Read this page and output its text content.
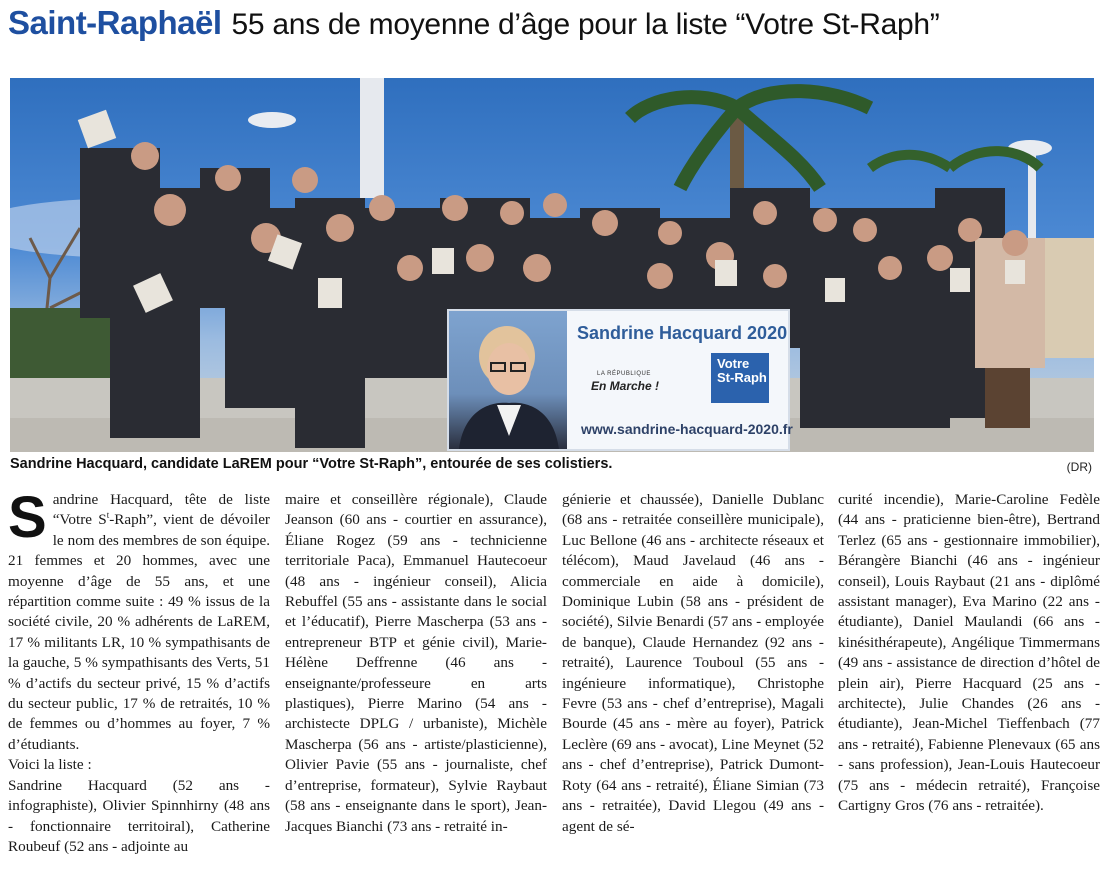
Saint-Raphaël 55 ans de moyenne d’âge pour la liste “Votre St-Raph”
Sandrine Hacquard 2020
LA RÉPUBLIQUE
En Marche !
Votre
St-Raph
www.sandrine-hacquard-2020.fr
Sandrine Hacquard, candidate LaREM pour “Votre St-Raph”, entourée de ses colistiers.	(DR)

Sandrine Hacquard, tête de liste “Votre $S^t$-Raph”, vient de dévoiler le nom des membres de son équipe. 21 femmes et 20 hommes, avec une moyenne d’âge de 55 ans, et une répartition comme suite : 49 % issus de la société civile, 20 % adhérents de LaREM, 17 % militants LR, 10 % sympathisants de la gauche, 5 % sympathisants des Verts, 51 % d’actifs du secteur privé, 15 % d’actifs du secteur public, 17 % de retraités, 10 % de femmes ou d’hommes au foyer, 7 % d’étudiants.

Voici la liste :

Sandrine Hacquard (52 ans - infographiste), Olivier Spinnhirny (48 ans - fonctionnaire territoiral), Catherine Roubeuf (52 ans - adjointe au

maire et conseillère régionale), Claude Jeanson (60 ans - courtier en assurance), Éliane Rogez (59 ans - technicienne territoriale Paca), Emmanuel Hautecoeur (48 ans - ingénieur conseil), Alicia Rebuffel (55 ans - assistante dans le social et l’éducatif), Pierre Mascherpa (53 ans - entrepreneur BTP et génie civil), Marie-Hélène Deffrenne (46 ans - enseignante/professeure en arts plastiques), Pierre Marino (54 ans - archistecte DPLG / urbaniste), Michèle Mascherpa (56 ans - artiste/plasticienne), Olivier Pavie (55 ans - journaliste, chef d’entreprise, formateur), Sylvie Raybaut (58 ans - enseignante dans le sport), Jean-Jacques Bianchi (73 ans - retraité in-

génierie et chaussée), Danielle Dublanc (68 ans - retraitée conseillère municipale), Luc Bellone (46 ans - architecte réseaux et télécom), Maud Javelaud (46 ans - commerciale en aide à domicile), Dominique Lubin (58 ans - président de société), Silvie Benardi (57 ans - employée de banque), Claude Hernandez (92 ans - retraité), Laurence Touboul (55 ans - ingénieure informatique), Christophe Fevre (53 ans - chef d’entreprise), Magali Bourde (45 ans - mère au foyer), Patrick Leclère (69 ans - avocat), Line Meynet (52 ans - chef d’entreprise), Patrick Dumont-Roty (64 ans - retraité), Éliane Simian (73 ans - retraitée), David Llegou (49 ans - agent de sé-

curité incendie), Marie-Caroline Fedèle (44 ans - praticienne bien-être), Bertrand Terlez (65 ans - gestionnaire immobilier), Bérangère Bianchi (46 ans - ingénieur conseil), Louis Raybaut (21 ans - diplômé assistant manager), Eva Marino (22 ans - étudiante), Daniel Maulandi (66 ans - kinésithérapeute), Angélique Timmermans (49 ans - assistance de direction d’hôtel de plein air), Pierre Hacquard (25 ans - architecte), Julie Chandes (26 ans - étudiante), Jean-Michel Tieffenbach (77 ans - retraité), Fabienne Plenevaux (65 ans - sans profession), Jean-Louis Hautecoeur (75 ans - médecin retraité), Françoise Cartigny Gros (76 ans - retraitée).
